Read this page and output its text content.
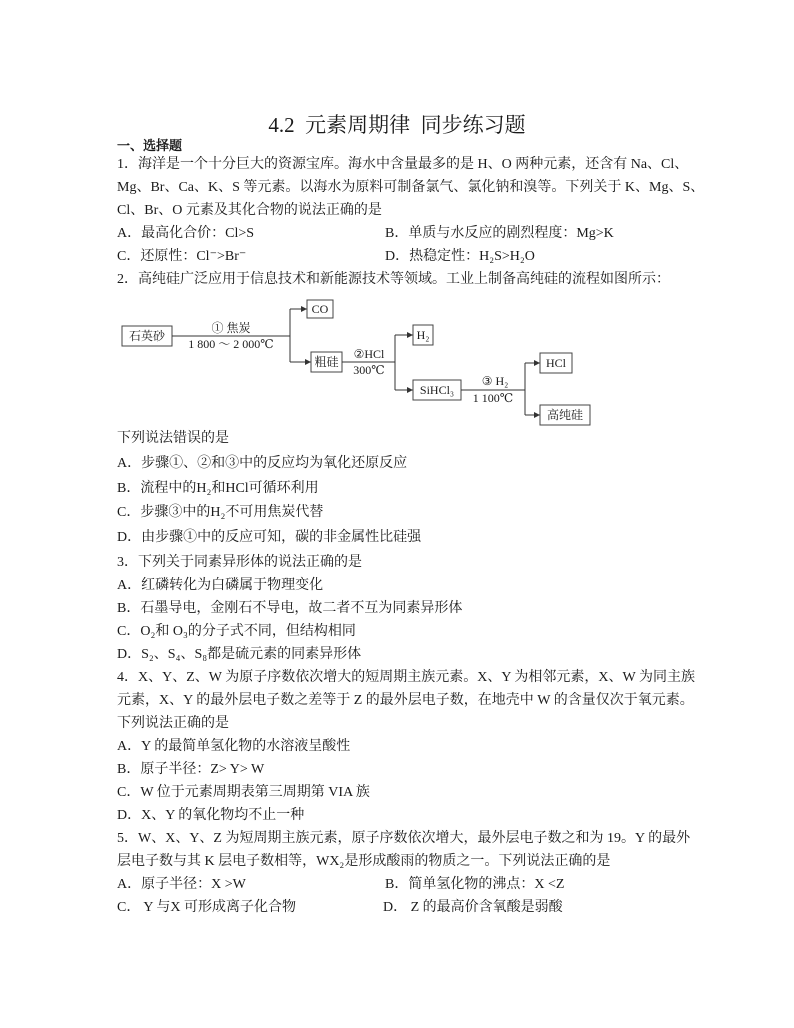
4.2  元素周期律  同步练习题
一、选择题
1．海洋是一个十分巨大的资源宝库。海水中含量最多的是 H、O 两种元素，还含有 Na、Cl、
Mg、Br、Ca、K、S 等元素。以海水为原料可制备氯气、氯化钠和溴等。下列关于 K、Mg、S、
Cl、Br、O 元素及其化合物的说法正确的是
A．最高化合价：Cl>S	B．单质与水反应的剧烈程度：Mg>K
C．还原性：Cl⁻>Br⁻	D．热稳定性：H₂S>H₂O
2．高纯硅广泛应用于信息技术和新能源技术等领域。工业上制备高纯硅的流程如图所示：
石英砂
① 焦炭
1 800 ～ 2 000℃
CO
粗硅
②HCl
300℃
H₂
SiHCl₃
③ H₂
1 100℃
HCl
高纯硅
下列说法错误的是
A．步骤①、②和③中的反应均为氧化还原反应
B．流程中的H₂和HCl可循环利用
C．步骤③中的H₂不可用焦炭代替
D．由步骤①中的反应可知，碳的非金属性比硅强
3．下列关于同素异形体的说法正确的是
A．红磷转化为白磷属于物理变化
B．石墨导电，金刚石不导电，故二者不互为同素异形体
C．O₂和 O₃的分子式不同，但结构相同
D．S₂、S₄、S₈都是硫元素的同素异形体
4．X、Y、Z、W 为原子序数依次增大的短周期主族元素。X、Y 为相邻元素，X、W 为同主族
元素，X、Y 的最外层电子数之差等于 Z 的最外层电子数，在地壳中 W 的含量仅次于氧元素。
下列说法正确的是
A．Y 的最简单氢化物的水溶液呈酸性
B．原子半径：Z> Y> W
C．W 位于元素周期表第三周期第 VIA 族
D．X、Y 的氧化物均不止一种
5．W、X、Y、Z 为短周期主族元素，原子序数依次增大，最外层电子数之和为 19。Y 的最外
层电子数与其 K 层电子数相等，WX₂是形成酸雨的物质之一。下列说法正确的是
A．原子半径：X >W	B．简单氢化物的沸点：X <Z
C． Y 与X 可形成离子化合物	D． Z 的最高价含氧酸是弱酸
